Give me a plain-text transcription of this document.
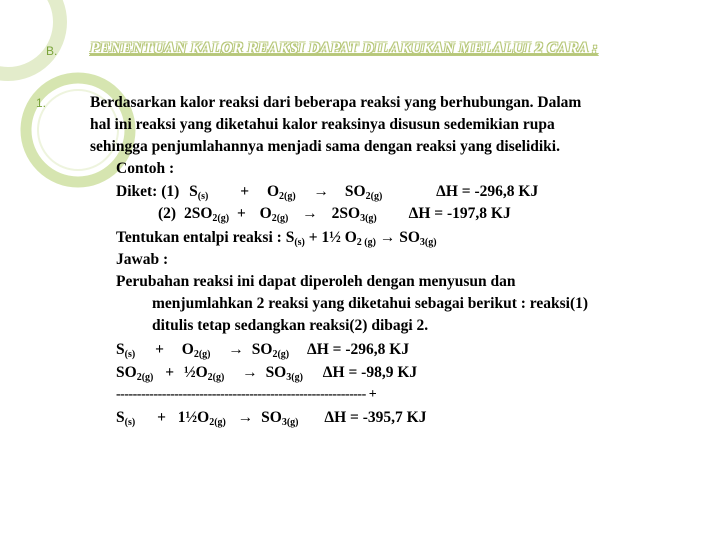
B.
1.
PENENTUAN KALOR REAKSI DAPAT DILAKUKAN MELALUI 2 CARA :
Berdasarkan kalor reaksi dari beberapa reaksi yang berhubungan. Dalam
hal ini reaksi yang diketahui kalor reaksinya disusun sedemikian rupa
sehingga penjumlahannya menjadi sama dengan reaksi yang diselidiki.
Contoh :
Diket: (1) $S_{(s)} + O_{2(g)} \to SO_{2(g)}$	ΔH = -296,8 KJ
(2) $2SO_{2(g)} + O_{2(g)} \to 2SO_{3(g)}$ ΔH = -197,8 KJ
Tentukan entalpi reaksi : $S_{(s)}$ + 1½ $O_{2 (g)} \to SO_{3(g)}$
Jawab :
Perubahan reaksi ini dapat diperoleh dengan menyusun dan
menjumlahkan 2 reaksi yang diketahui sebagai berikut : reaksi(1)
ditulis tetap sedangkan reaksi(2) dibagi 2.
$S_{(s)} + O_{2(g)} \to SO_{2(g)}$ ΔH = -296,8 KJ
$SO_{2(g)}$ + $\frac{1}{2}O_{2(g)} \to SO_{3(g)}$ ΔH = -98,9 KJ
------------------------------------------------------------ +
$S_{(s)}$ + $1\frac{1}{2}O_{2(g)} \to SO_{3(g)}$ ΔH = -395,7 KJ
